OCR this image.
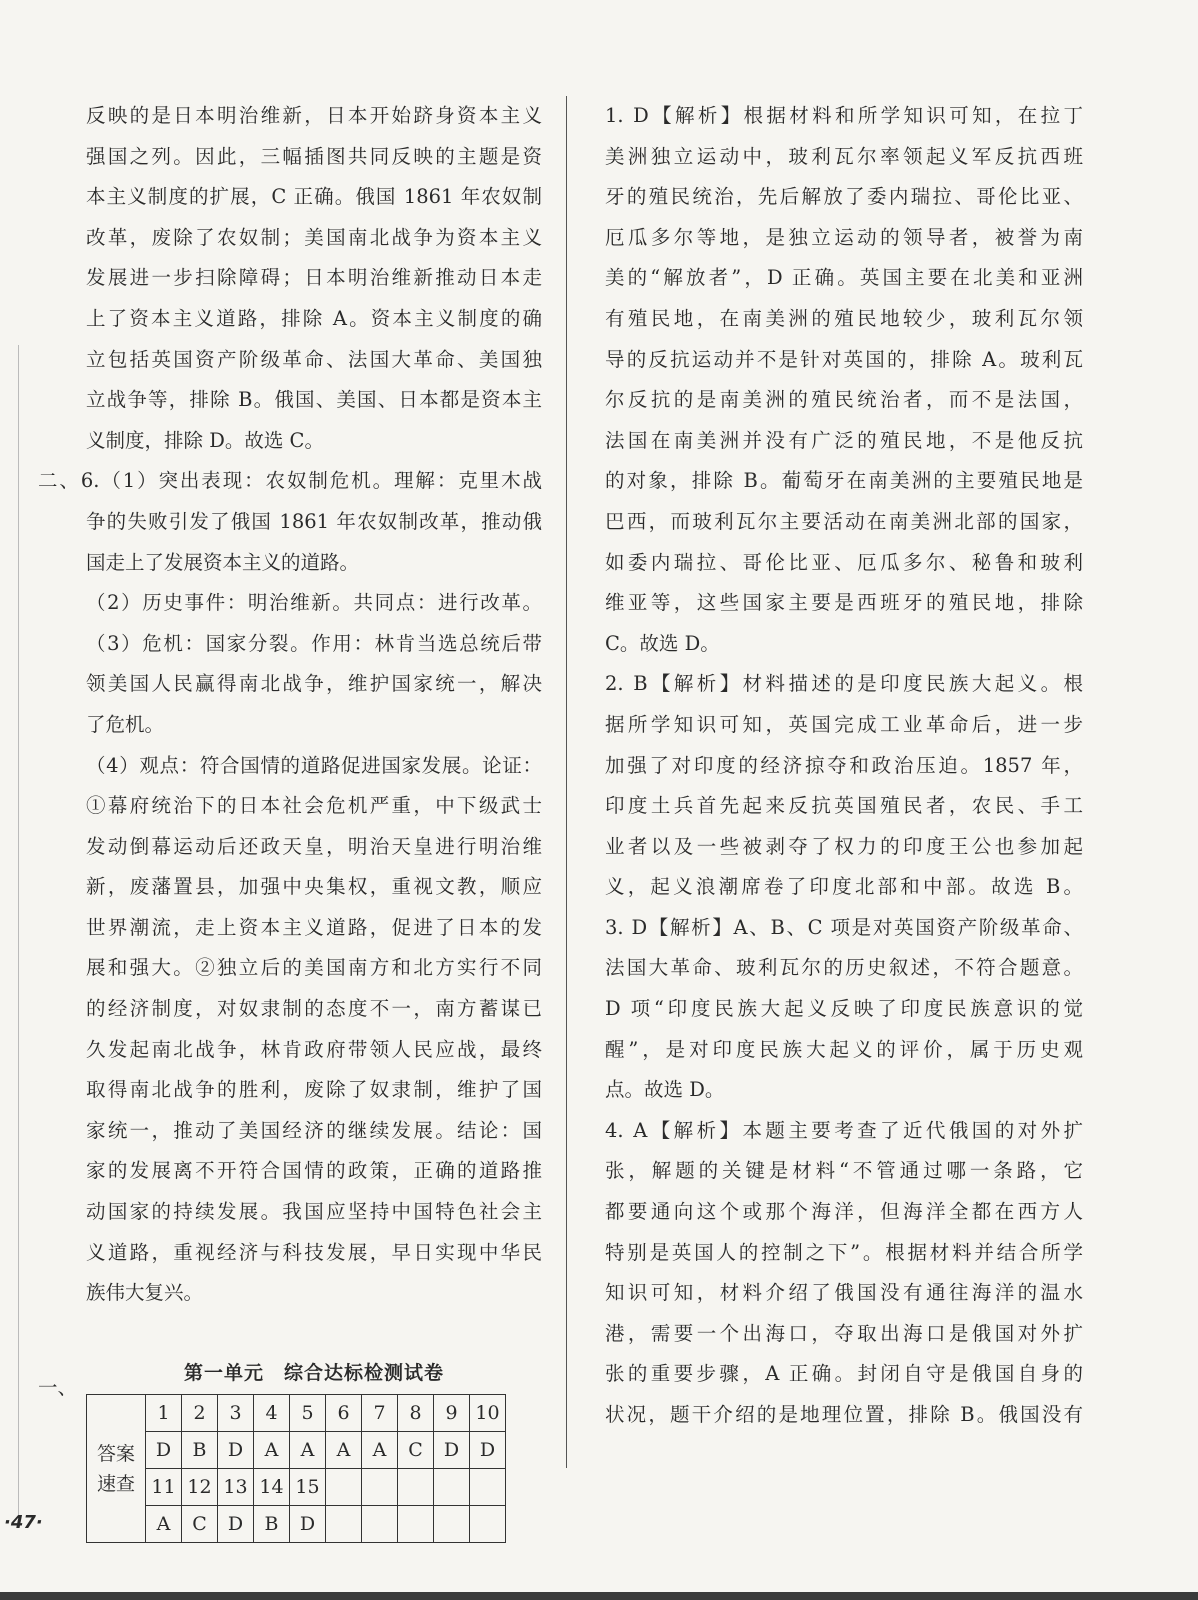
反映的是日本明治维新，日本开始跻身资本主义
强国之列。因此，三幅插图共同反映的主题是资
本主义制度的扩展，C 正确。俄国 1861 年农奴制
改革，废除了农奴制；美国南北战争为资本主义
发展进一步扫除障碍；日本明治维新推动日本走
上了资本主义道路，排除 A。资本主义制度的确
立包括英国资产阶级革命、法国大革命、美国独
立战争等，排除 B。俄国、美国、日本都是资本主
义制度，排除 D。故选 C。
二、6.（1）突出表现：农奴制危机。理解：克里木战
争的失败引发了俄国 1861 年农奴制改革，推动俄
国走上了发展资本主义的道路。
（2）历史事件：明治维新。共同点：进行改革。
（3）危机：国家分裂。作用：林肯当选总统后带
领美国人民赢得南北战争，维护国家统一，解决
了危机。
（4）观点：符合国情的道路促进国家发展。论证：
①幕府统治下的日本社会危机严重，中下级武士
发动倒幕运动后还政天皇，明治天皇进行明治维
新，废藩置县，加强中央集权，重视文教，顺应
世界潮流，走上资本主义道路，促进了日本的发
展和强大。②独立后的美国南方和北方实行不同
的经济制度，对奴隶制的态度不一，南方蓄谋已
久发起南北战争，林肯政府带领人民应战，最终
取得南北战争的胜利，废除了奴隶制，维护了国
家统一，推动了美国经济的继续发展。结论：国
家的发展离不开符合国情的政策，正确的道路推
动国家的持续发展。我国应坚持中国特色社会主
义道路，重视经济与科技发展，早日实现中华民
族伟大复兴。
1. D【解析】根据材料和所学知识可知，在拉丁
美洲独立运动中，玻利瓦尔率领起义军反抗西班
牙的殖民统治，先后解放了委内瑞拉、哥伦比亚、
厄瓜多尔等地，是独立运动的领导者，被誉为南
美的“解放者”，D 正确。英国主要在北美和亚洲
有殖民地，在南美洲的殖民地较少，玻利瓦尔领
导的反抗运动并不是针对英国的，排除 A。玻利瓦
尔反抗的是南美洲的殖民统治者，而不是法国，
法国在南美洲并没有广泛的殖民地，不是他反抗
的对象，排除 B。葡萄牙在南美洲的主要殖民地是
巴西，而玻利瓦尔主要活动在南美洲北部的国家，
如委内瑞拉、哥伦比亚、厄瓜多尔、秘鲁和玻利
维亚等，这些国家主要是西班牙的殖民地，排除
C。故选 D。
2. B【解析】材料描述的是印度民族大起义。根
据所学知识可知，英国完成工业革命后，进一步
加强了对印度的经济掠夺和政治压迫。1857 年，
印度土兵首先起来反抗英国殖民者，农民、手工
业者以及一些被剥夺了权力的印度王公也参加起
义，起义浪潮席卷了印度北部和中部。故选 B。
3. D【解析】A、B、C 项是对英国资产阶级革命、
法国大革命、玻利瓦尔的历史叙述，不符合题意。
D 项“印度民族大起义反映了印度民族意识的觉
醒”，是对印度民族大起义的评价，属于历史观
点。故选 D。
4. A【解析】本题主要考查了近代俄国的对外扩
张，解题的关键是材料“不管通过哪一条路，它
都要通向这个或那个海洋，但海洋全都在西方人
特别是英国人的控制之下”。根据材料并结合所学
知识可知，材料介绍了俄国没有通往海洋的温水
港，需要一个出海口，夺取出海口是俄国对外扩
张的重要步骤，A 正确。封闭自守是俄国自身的
状况，题干介绍的是地理位置，排除 B。俄国没有
第一单元 综合达标检测试卷
一、
答案速查	1	2	3	4	5	6	7	8	9	10
	D	B	D	A	A	A	A	C	D	D
	11	12	13	14	15					
	A	C	D	B	D					
·47·
